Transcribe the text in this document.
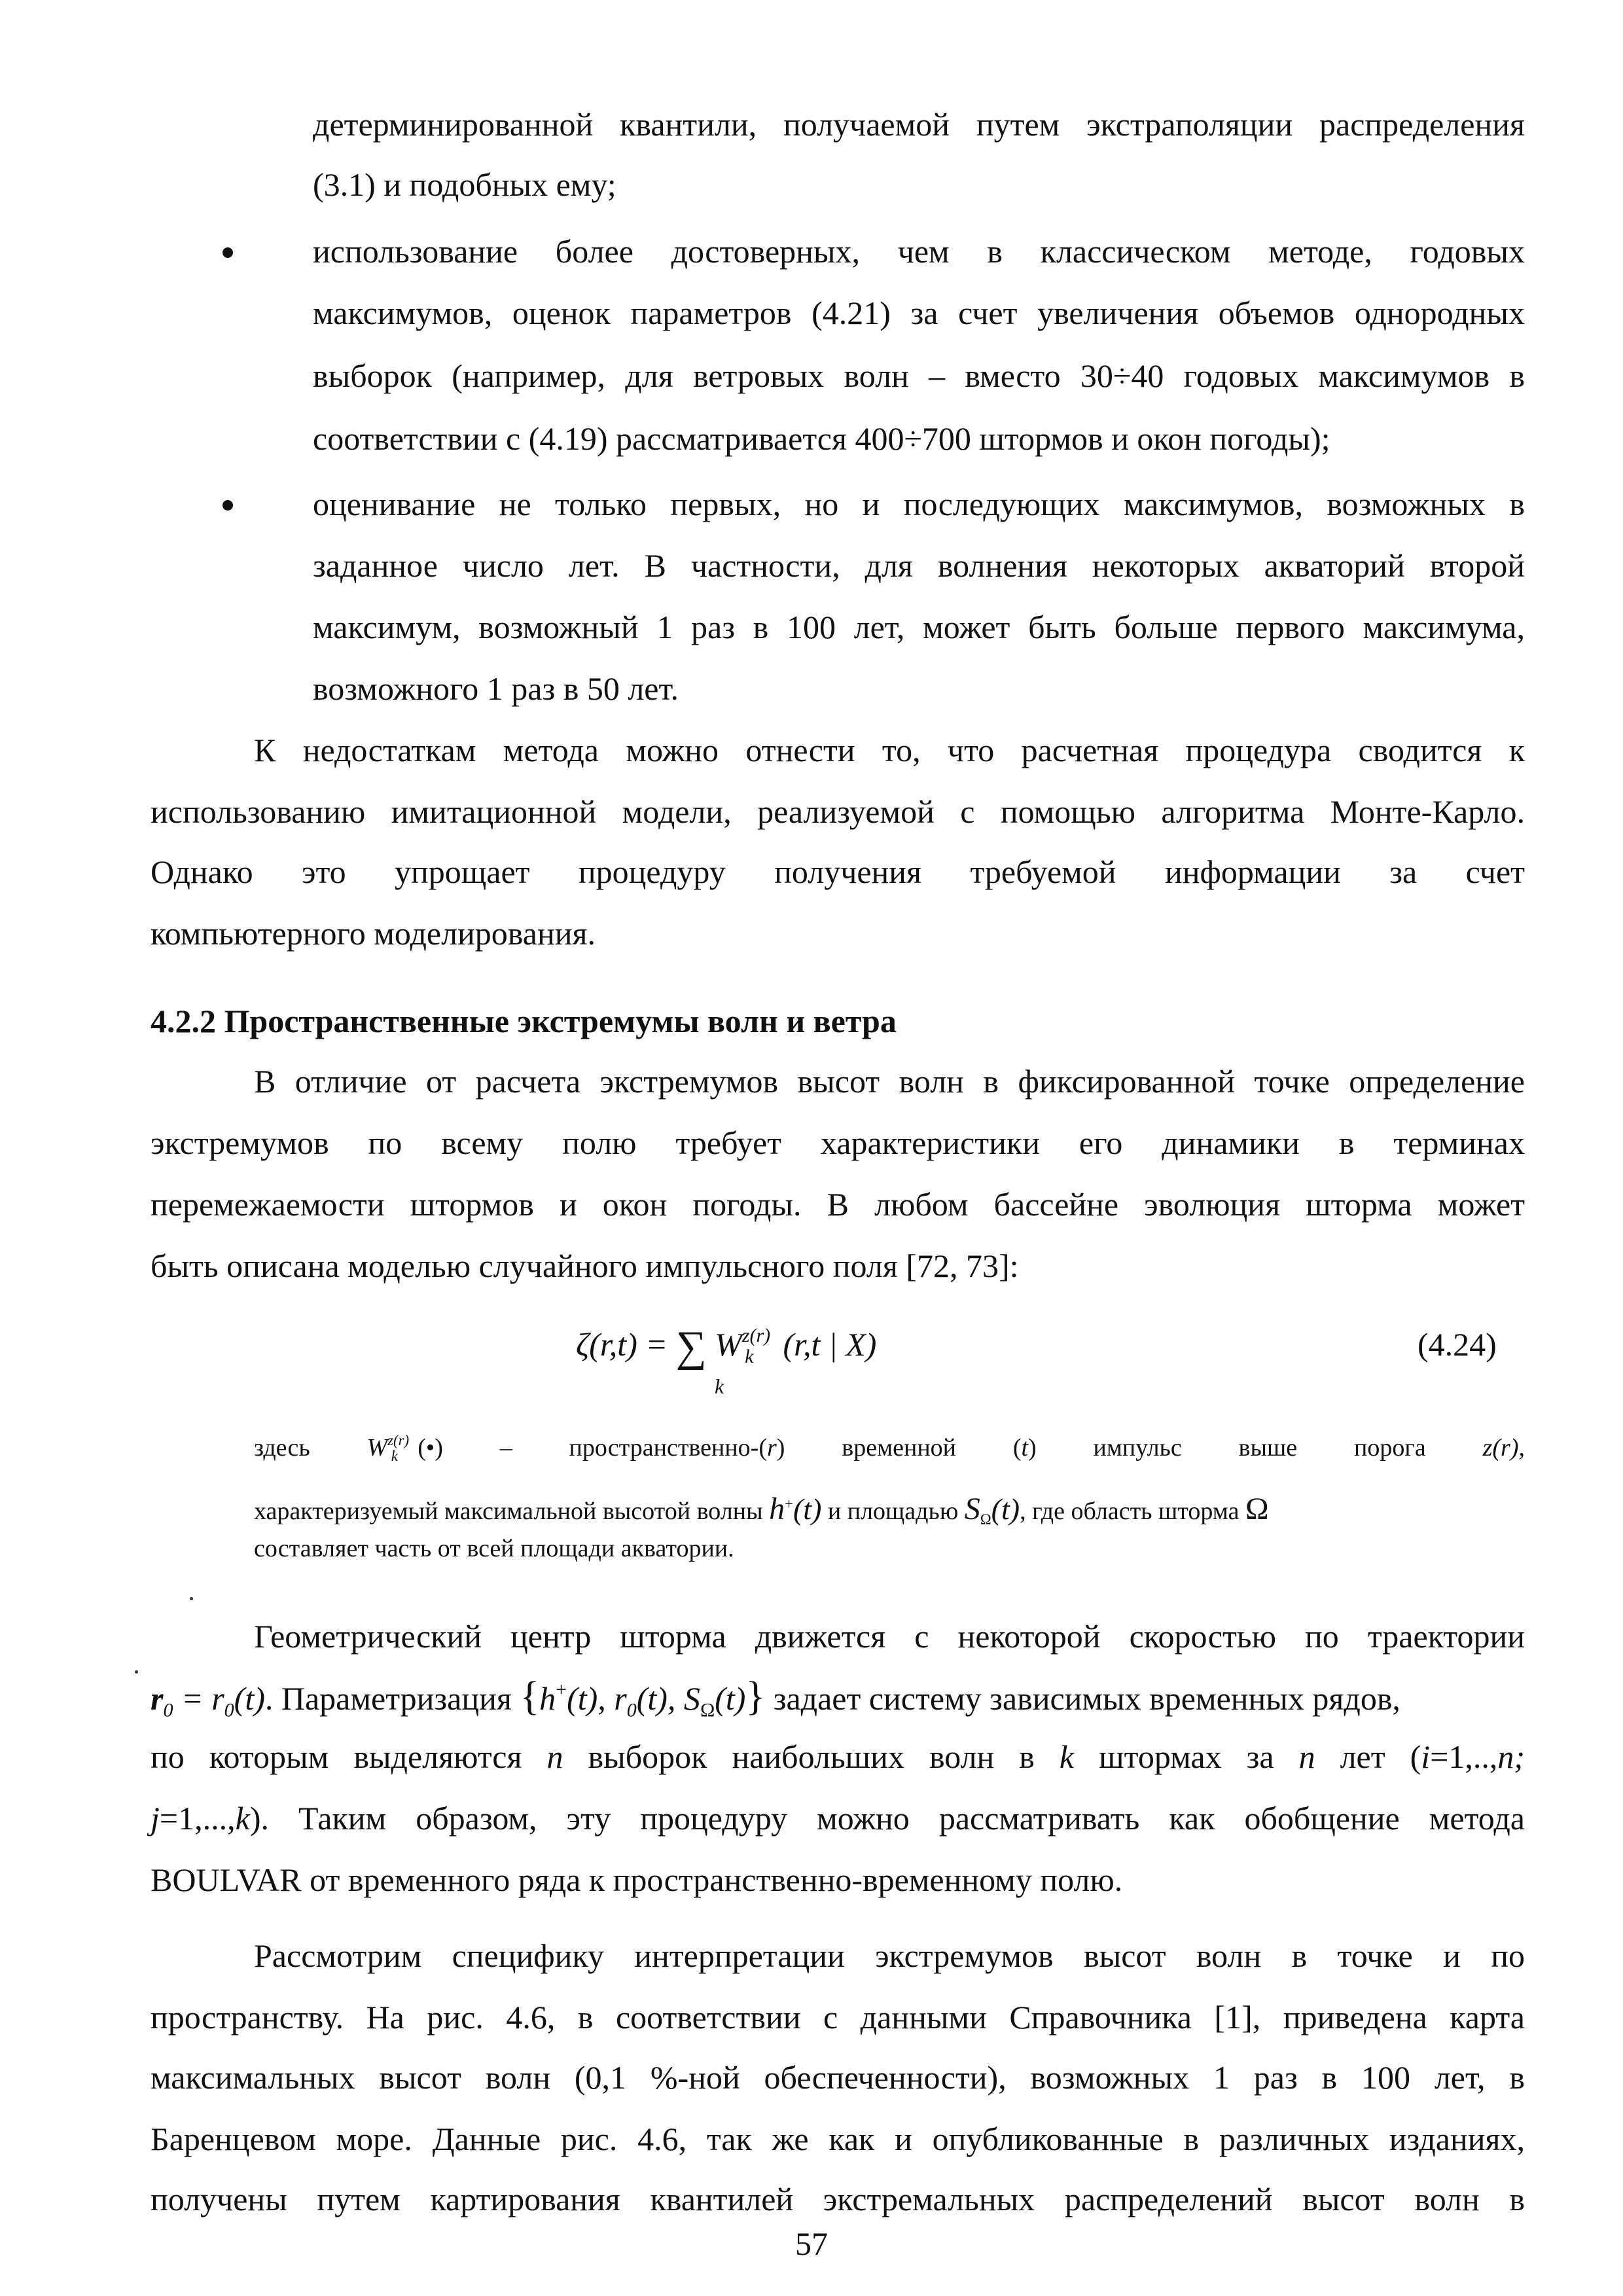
детерминированной квантили, получаемой путем экстраполяции распределения
(3.1) и подобных ему;
использование более достоверных, чем в классическом методе, годовых
максимумов, оценок параметров (4.21) за счет увеличения объемов однородных
выборок (например, для ветровых волн – вместо 30÷40 годовых максимумов в
соответствии с (4.19) рассматривается 400÷700 штормов и окон погоды);
оценивание не только первых, но и последующих максимумов, возможных в
заданное число лет. В частности, для волнения некоторых акваторий второй
максимум, возможный 1 раз в 100 лет, может быть больше первого максимума,
возможного 1 раз в 50 лет.
К недостаткам метода можно отнести то, что расчетная процедура сводится к
использованию имитационной модели, реализуемой с помощью алгоритма Монте-Карло.
Однако это упрощает процедуру получения требуемой информации за счет
компьютерного моделирования.
4.2.2 Пространственные экстремумы волн и ветра
В отличие от расчета экстремумов высот волн в фиксированной точке определение
экстремумов по всему полю требует характеристики его динамики в терминах
перемежаемости штормов и окон погоды. В любом бассейне эволюция шторма может
быть описана моделью случайного импульсного поля [72, 73]:
ζ(r,t) = ∑ $W^{z(r)}_k$ (r,t | X)
k
(4.24)
здесь $W^{z(r)}_k$ (•) – пространственно-(r) временной (t) импульс выше порога z(r),
характеризуемый максимальной высотой волны h+(t) и площадью $S_\Omega(t)$, где область шторма Ω
составляет часть от всей площади акватории.
Геометрический центр шторма движется с некоторой скоростью по траектории
$r_0 = r_0(t)$. Параметризация {h+(t), $r_0(t)$, $S_\Omega(t)$} задает систему зависимых временных рядов,
по которым выделяются n выборок наибольших волн в k штормах за n лет (i=1,..,n;
j=1,...,k). Таким образом, эту процедуру можно рассматривать как обобщение метода
BOULVAR от временного ряда к пространственно-временному полю.
Рассмотрим специфику интерпретации экстремумов высот волн в точке и по
пространству. На рис. 4.6, в соответствии с данными Справочника [1], приведена карта
максимальных высот волн (0,1 %-ной обеспеченности), возможных 1 раз в 100 лет, в
Баренцевом море. Данные рис. 4.6, так же как и опубликованные в различных изданиях,
получены путем картирования квантилей экстремальных распределений высот волн в
57
